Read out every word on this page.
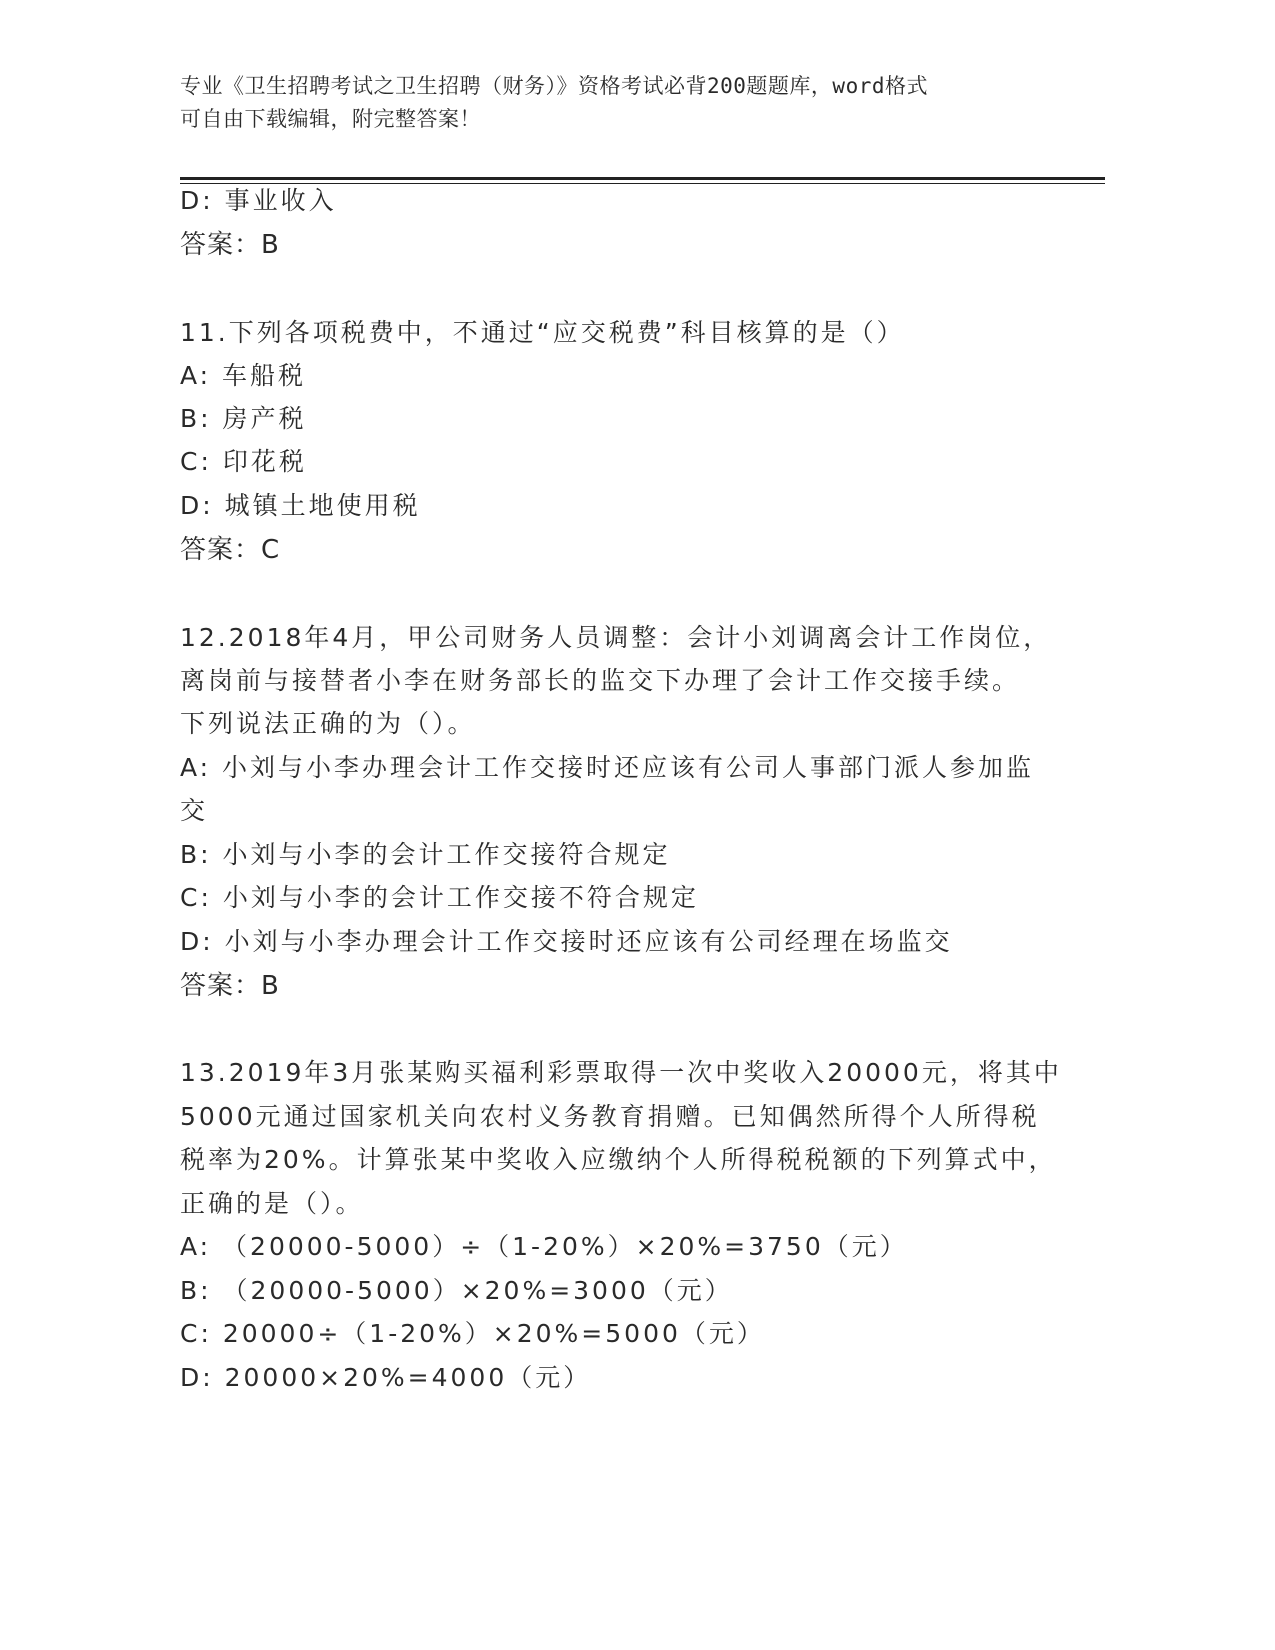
专业《卫生招聘考试之卫生招聘（财务）》资格考试必背200题题库，word格式
可自由下载编辑，附完整答案！
D: 事业收入
答案：B
11.下列各项税费中，不通过“应交税费”科目核算的是（）
A: 车船税
B: 房产税
C: 印花税
D: 城镇土地使用税
答案：C
12.2018年4月，甲公司财务人员调整：会计小刘调离会计工作岗位，
离岗前与接替者小李在财务部长的监交下办理了会计工作交接手续。
下列说法正确的为（）。
A: 小刘与小李办理会计工作交接时还应该有公司人事部门派人参加监
交
B: 小刘与小李的会计工作交接符合规定
C: 小刘与小李的会计工作交接不符合规定
D: 小刘与小李办理会计工作交接时还应该有公司经理在场监交
答案：B
13.2019年3月张某购买福利彩票取得一次中奖收入20000元，将其中
5000元通过国家机关向农村义务教育捐赠。已知偶然所得个人所得税
税率为20%。计算张某中奖收入应缴纳个人所得税税额的下列算式中，
正确的是（）。
A: （20000-5000）÷（1-20%）×20%=3750（元）
B: （20000-5000）×20%=3000（元）
C: 20000÷（1-20%）×20%=5000（元）
D: 20000×20%=4000（元）
